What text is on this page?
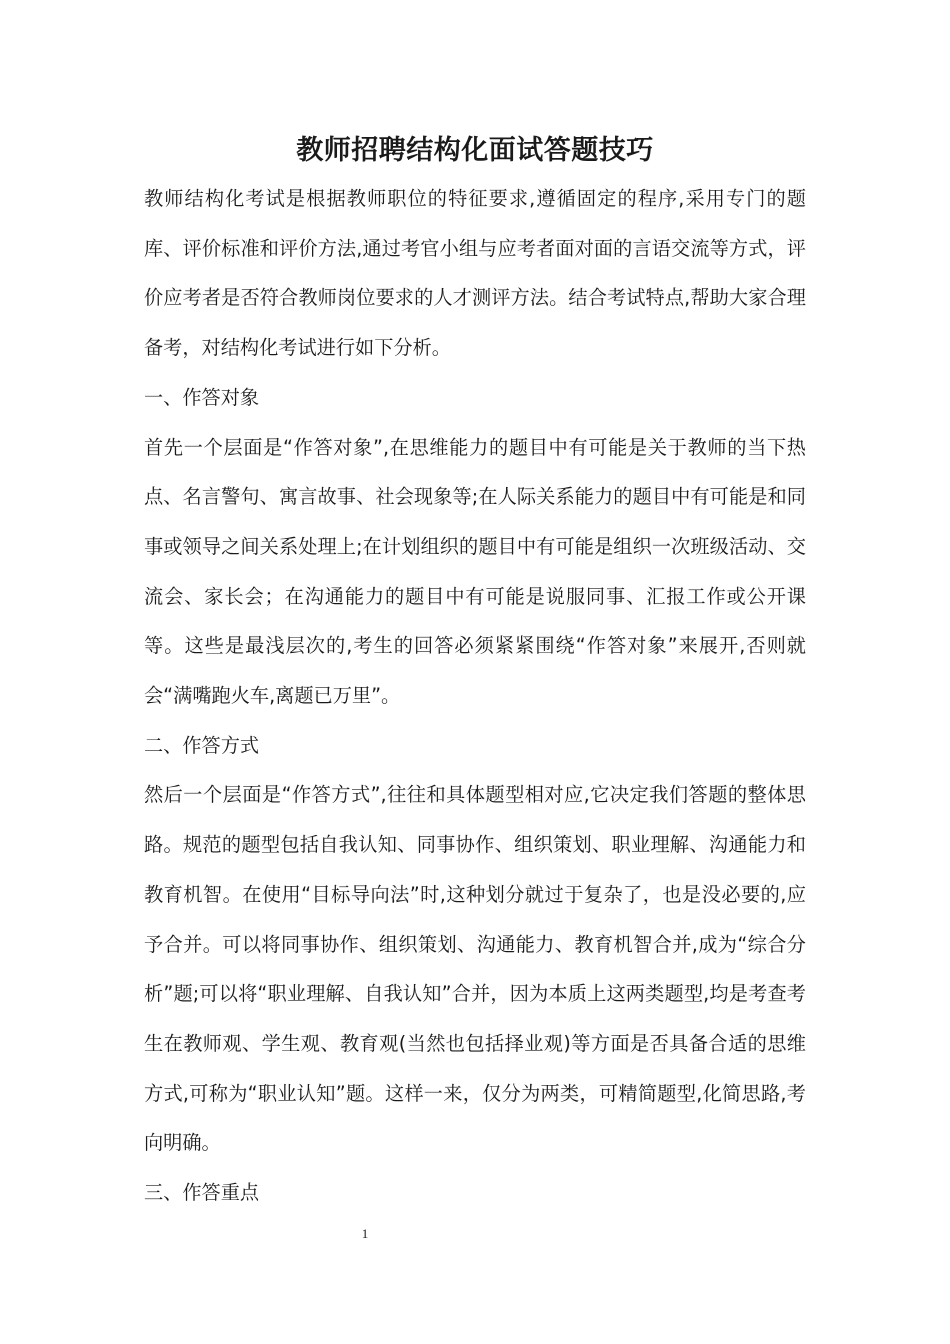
教师招聘结构化面试答题技巧

教师结构化考试是根据教师职位的特征要求,遵循固定的程序,采用专门的题库、评价标准和评价方法,通过考官小组与应考者面对面的言语交流等方式，评价应考者是否符合教师岗位要求的人才测评方法。结合考试特点,帮助大家合理备考，对结构化考试进行如下分析。

一、作答对象

首先一个层面是“作答对象”,在思维能力的题目中有可能是关于教师的当下热点、名言警句、寓言故事、社会现象等;在人际关系能力的题目中有可能是和同事或领导之间关系处理上;在计划组织的题目中有可能是组织一次班级活动、交流会、家长会；在沟通能力的题目中有可能是说服同事、汇报工作或公开课等。这些是最浅层次的,考生的回答必须紧紧围绕“作答对象”来展开,否则就会“满嘴跑火车,离题已万里”。

二、作答方式

然后一个层面是“作答方式”,往往和具体题型相对应,它决定我们答题的整体思路。规范的题型包括自我认知、同事协作、组织策划、职业理解、沟通能力和教育机智。在使用“目标导向法”时,这种划分就过于复杂了，也是没必要的,应予合并。可以将同事协作、组织策划、沟通能力、教育机智合并,成为“综合分析”题;可以将“职业理解、自我认知”合并，因为本质上这两类题型,均是考查考生在教师观、学生观、教育观(当然也包括择业观)等方面是否具备合适的思维方式,可称为“职业认知”题。这样一来，仅分为两类，可精简题型,化简思路,考向明确。

三、作答重点

1
